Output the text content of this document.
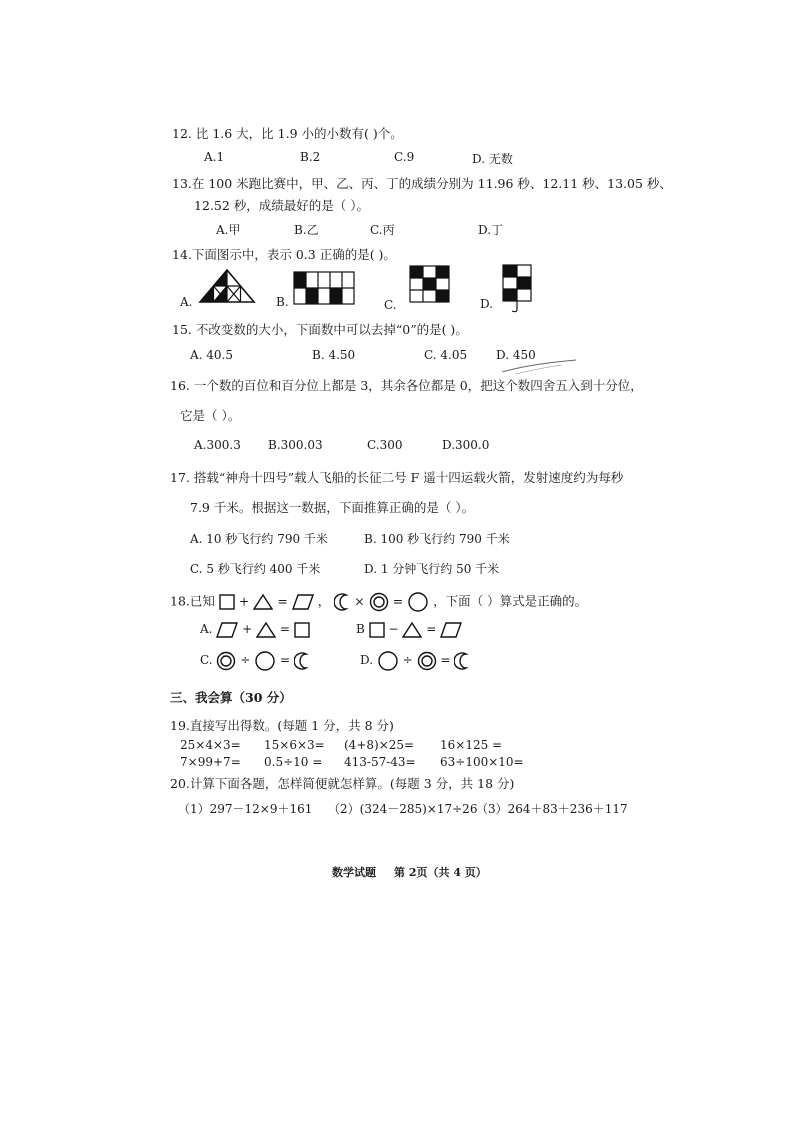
12. 比 1.6 大，比 1.9 小的小数有( )个。
A.1	B.2	C.9	D. 无数
13.在 100 米跑比赛中，甲、乙、丙、丁的成绩分别为 11.96 秒、12.11 秒、13.05 秒、
12.52 秒，成绩最好的是（ ）。
A.甲	B.乙	C.丙	D.丁
14.下面图示中，表示 0.3 正确的是( )。
A.	B.	C.	D.
15. 不改变数的大小，下面数中可以去掉“0”的是( )。
A. 40.5	B. 4.50	C. 4.05 D. 450
16. 一个数的百位和百分位上都是 3，其余各位都是 0，把这个数四舍五入到十分位，
它是（ ）。
A.300.3 B.300.03	C.300	D.300.0
17. 搭载“神舟十四号”载人飞船的长征二号 F 遥十四运载火箭，发射速度约为每秒
7.9 千米。根据这一数据，下面推算正确的是（ ）。
A. 10 秒飞行约 790 千米	B. 100 秒飞行约 790 千米
C. 5 秒飞行约 400 千米	D. 1 分钟飞行约 50 千米
18.已知 + = ， × = ，下面（ ）算式是正确的。
A. + =	B − =
C. ÷ =	D. ÷ =
三、我会算（30 分）
19.直接写出得数。(每题 1 分，共 8 分)
25×4×3= 15×6×3= (4+8)×25= 16×125 =
7×99+7= 0.5÷10 = 413-57-43= 63÷100×10=
20.计算下面各题，怎样简便就怎样算。(每题 3 分，共 18 分)
（1）297－12×9＋161 （2）(324－285)×17÷26
（3）264＋83＋236＋117
数学试题 第 2页（共 4 页）
